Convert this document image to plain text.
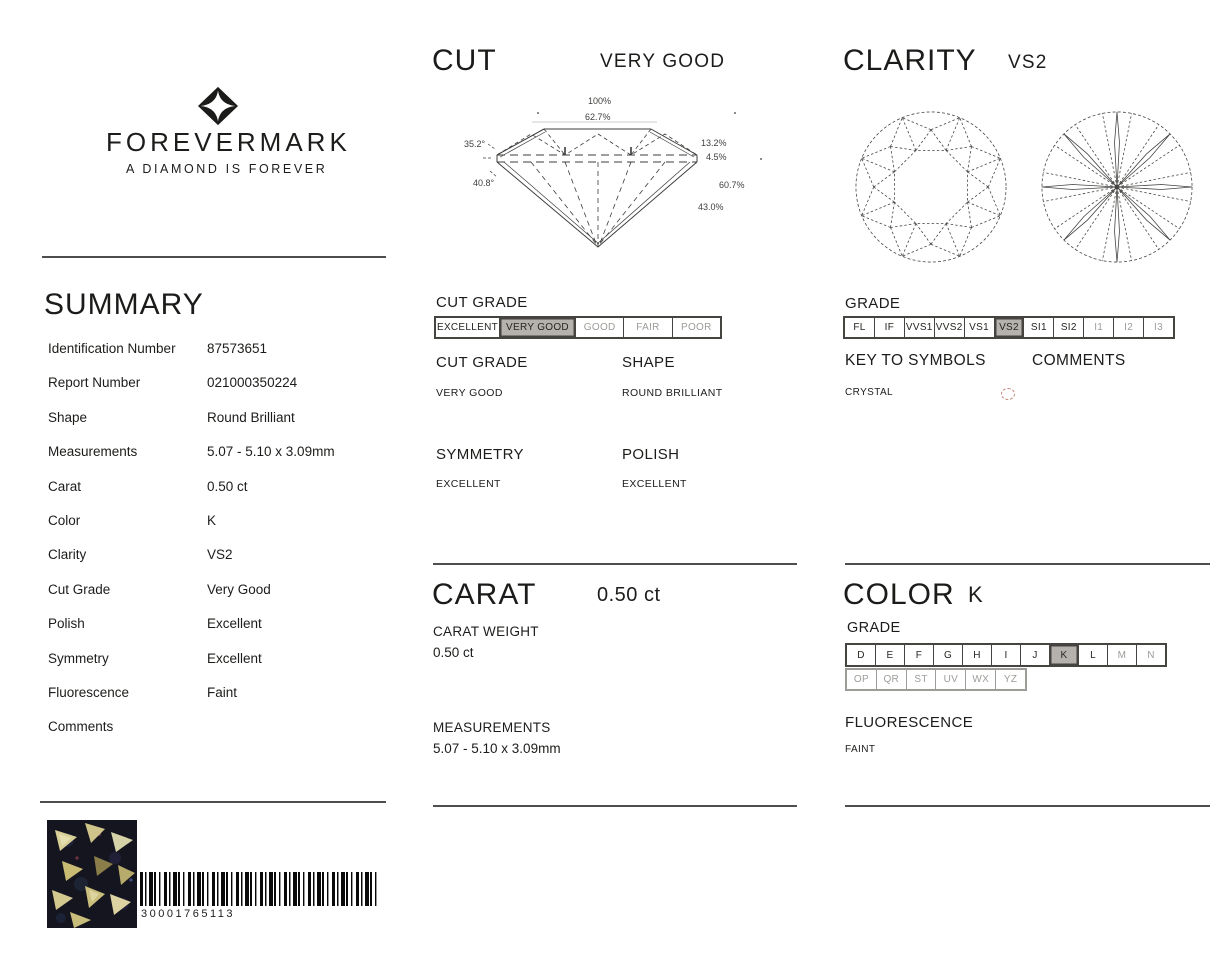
FOREVERMARK
A DIAMOND IS FOREVER
SUMMARY
Identification Number	87573651
Report Number	021000350224
Shape	Round Brilliant
Measurements	5.07 - 5.10 x 3.09mm
Carat	0.50 ct
Color	K
Clarity	VS2
Cut Grade	Very Good
Polish	Excellent
Symmetry	Excellent
Fluorescence	Faint
Comments
30001765113
CUT	VERY GOOD
100%
62.7%
35.2°	13.2%
4.5%
40.8°	60.7%
43.0%
CUT GRADE
EXCELLENT VERY GOOD GOOD FAIR POOR
CUT GRADE	SHAPE
VERY GOOD	ROUND BRILLIANT
SYMMETRY	POLISH
EXCELLENT	EXCELLENT
CARAT	0.50 ct
CARAT WEIGHT
0.50 ct
MEASUREMENTS
5.07 - 5.10 x 3.09mm
CLARITY VS2
GRADE
FL IF VVS1 VVS2 VS1 VS2 SI1 SI2 I1 I2 I3
KEY TO SYMBOLS	COMMENTS
CRYSTAL
COLOR K
GRADE
D E F G H I J K L M N
OP QR ST UV WX YZ
FLUORESCENCE
FAINT
